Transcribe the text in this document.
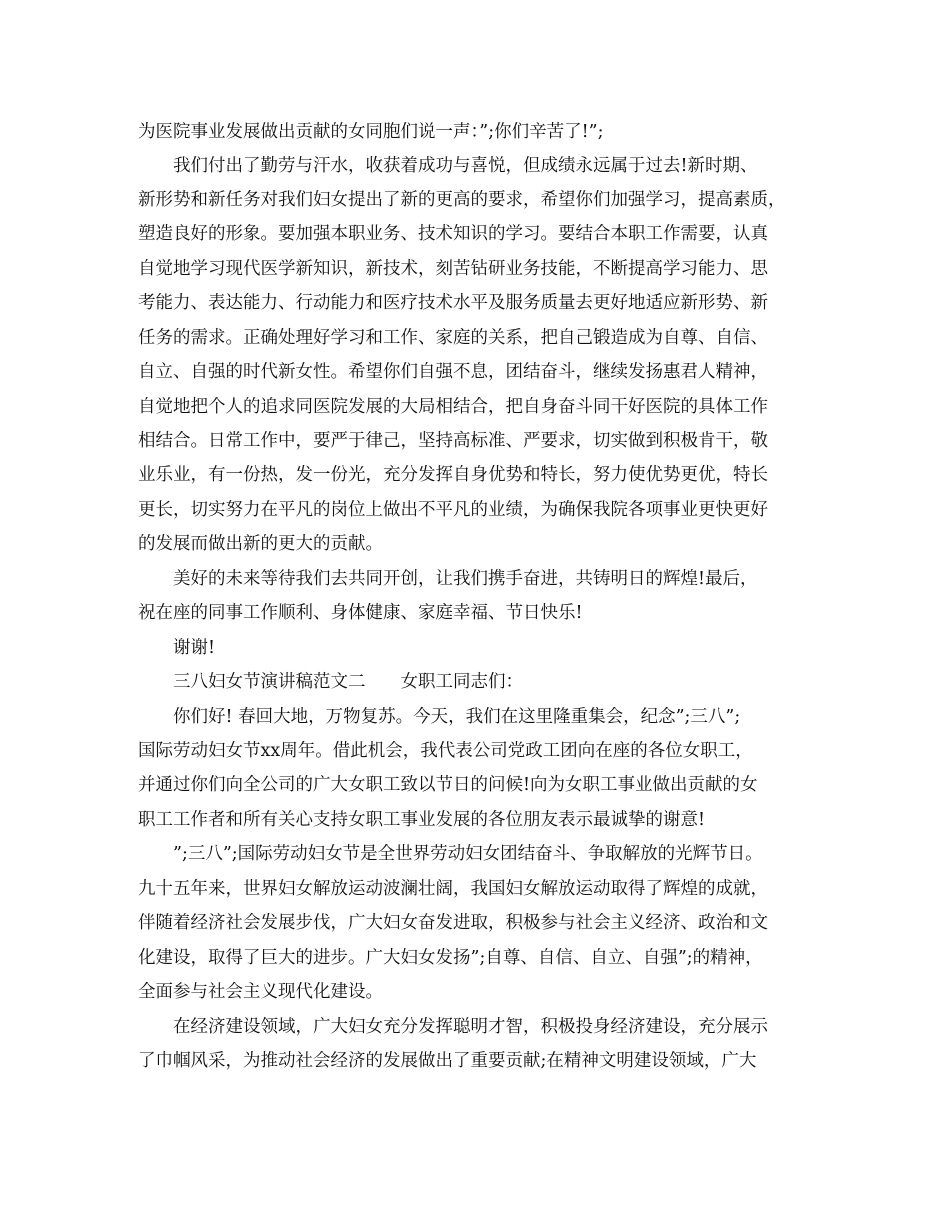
为医院事业发展做出贡献的女同胞们说一声：”;你们辛苦了!”;

　　我们付出了勤劳与汗水，收获着成功与喜悦，但成绩永远属于过去!新时期、

新形势和新任务对我们妇女提出了新的更高的要求，希望你们加强学习，提高素质，

塑造良好的形象。要加强本职业务、技术知识的学习。要结合本职工作需要，认真

自觉地学习现代医学新知识，新技术，刻苦钻研业务技能，不断提高学习能力、思

考能力、表达能力、行动能力和医疗技术水平及服务质量去更好地适应新形势、新

任务的需求。正确处理好学习和工作、家庭的关系，把自己锻造成为自尊、自信、

自立、自强的时代新女性。希望你们自强不息，团结奋斗，继续发扬惠君人精神，

自觉地把个人的追求同医院发展的大局相结合，把自身奋斗同干好医院的具体工作

相结合。日常工作中，要严于律己，坚持高标准、严要求，切实做到积极肯干，敬

业乐业，有一份热，发一份光，充分发挥自身优势和特长，努力使优势更优，特长

更长，切实努力在平凡的岗位上做出不平凡的业绩，为确保我院各项事业更快更好

的发展而做出新的更大的贡献。

　　美好的未来等待我们去共同开创，让我们携手奋进，共铸明日的辉煌!最后，

祝在座的同事工作顺利、身体健康、家庭幸福、节日快乐!

　　谢谢!

　　三八妇女节演讲稿范文二　　女职工同志们：

　　你们好! 春回大地，万物复苏。今天，我们在这里隆重集会，纪念”;三八”;

国际劳动妇女节xx周年。借此机会，我代表公司党政工团向在座的各位女职工，

并通过你们向全公司的广大女职工致以节日的问候!向为女职工事业做出贡献的女

职工工作者和所有关心支持女职工事业发展的各位朋友表示最诚挚的谢意!

　　”;三八”;国际劳动妇女节是全世界劳动妇女团结奋斗、争取解放的光辉节日。

九十五年来，世界妇女解放运动波澜壮阔，我国妇女解放运动取得了辉煌的成就，

伴随着经济社会发展步伐，广大妇女奋发进取，积极参与社会主义经济、政治和文

化建设，取得了巨大的进步。广大妇女发扬”;自尊、自信、自立、自强”;的精神，

全面参与社会主义现代化建设。

　　在经济建设领域，广大妇女充分发挥聪明才智，积极投身经济建设，充分展示

了巾帼风采，为推动社会经济的发展做出了重要贡献;在精神文明建设领域，广大
